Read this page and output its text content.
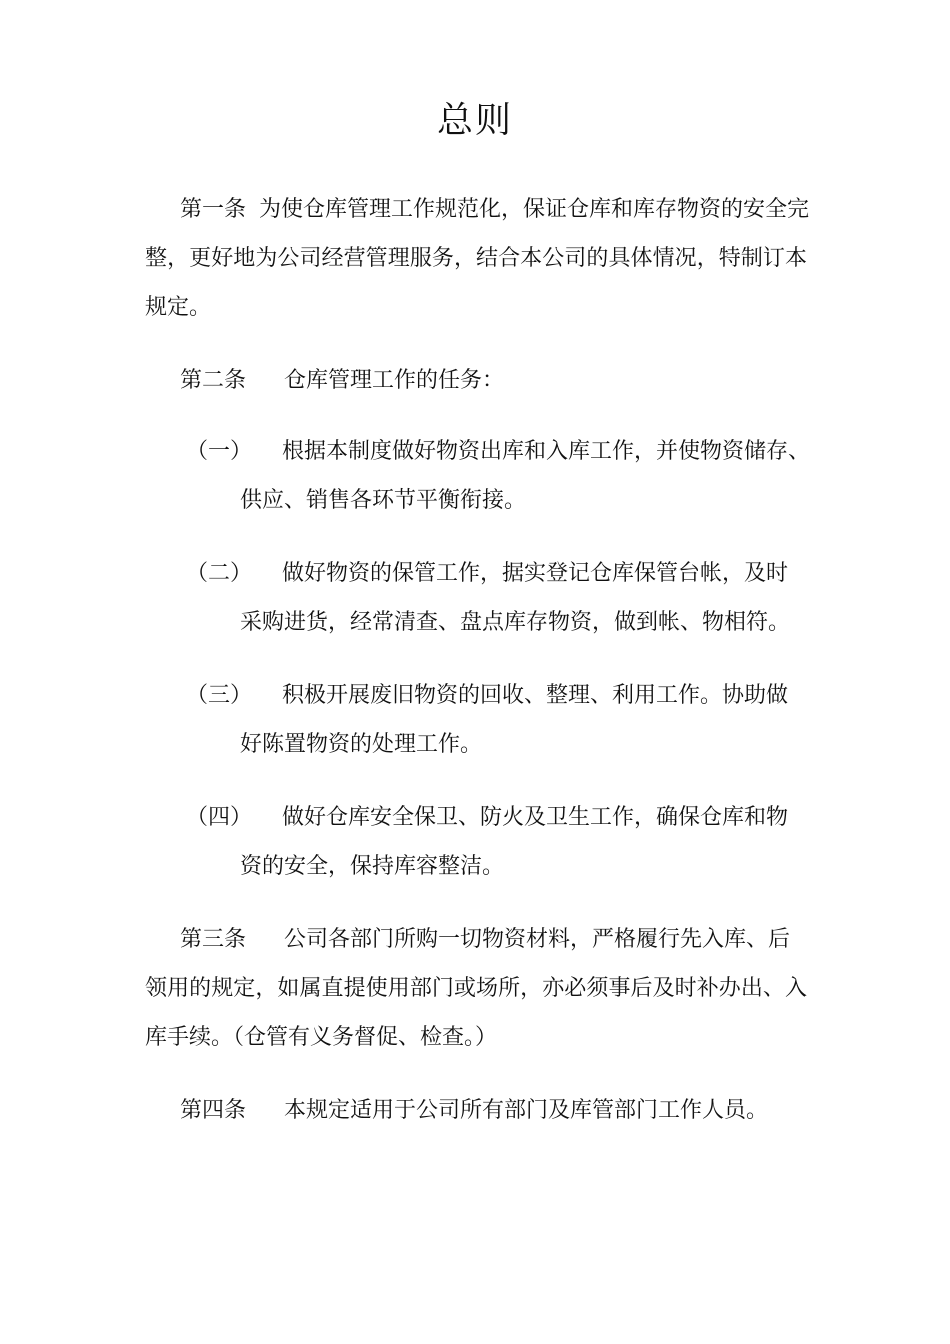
总则
第一条 为使仓库管理工作规范化，保证仓库和库存物资的安全完
整，更好地为公司经营管理服务，结合本公司的具体情况，特制订本
规定。
第二条 仓库管理工作的任务：
（一） 根据本制度做好物资出库和入库工作，并使物资储存、
供应、销售各环节平衡衔接。
（二） 做好物资的保管工作，据实登记仓库保管台帐，及时
采购进货，经常清查、盘点库存物资，做到帐、物相符。
（三） 积极开展废旧物资的回收、整理、利用工作。协助做
好陈置物资的处理工作。
（四） 做好仓库安全保卫、防火及卫生工作，确保仓库和物
资的安全，保持库容整洁。
第三条 公司各部门所购一切物资材料，严格履行先入库、后
领用的规定，如属直提使用部门或场所，亦必须事后及时补办出、入
库手续。（仓管有义务督促、检查。）
第四条 本规定适用于公司所有部门及库管部门工作人员。
